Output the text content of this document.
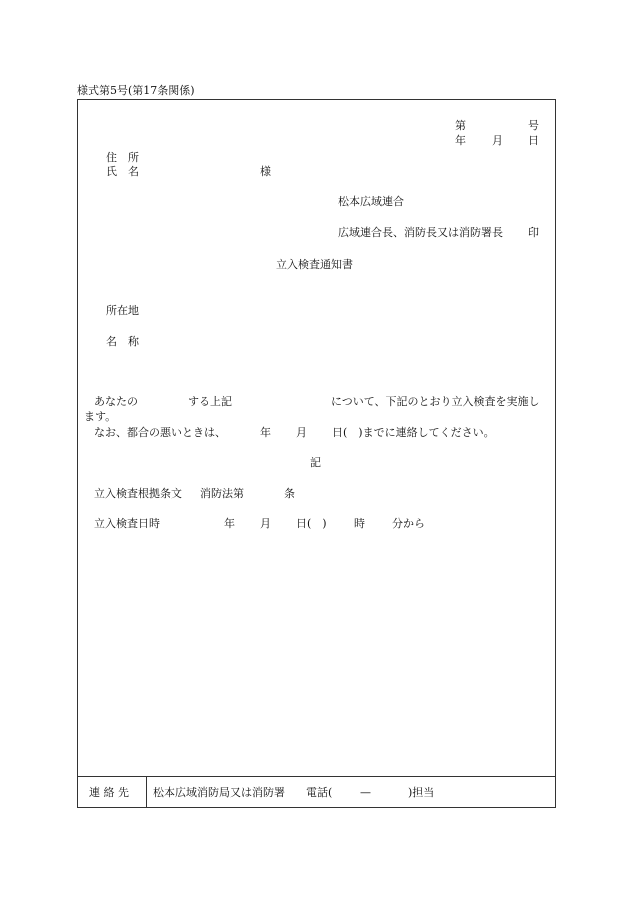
様式第5号(第17条関係)
第	号
年 月 日
住　所
氏　名	様
松本広域連合
広域連合長、消防長又は消防署長 印
立入検査通知書
所在地
名　称
あなたの	する上記	について、下記のとおり立入検査を実施し
ます。
なお、都合の悪いときは、	年 月 日(　)までに連絡してください。
記
立入検査根拠条文 消防法第	条
立入検査日時	年 月 日(　) 時 分から
連 絡 先 松本広域消防局又は消防署 電話(	—	)担当
